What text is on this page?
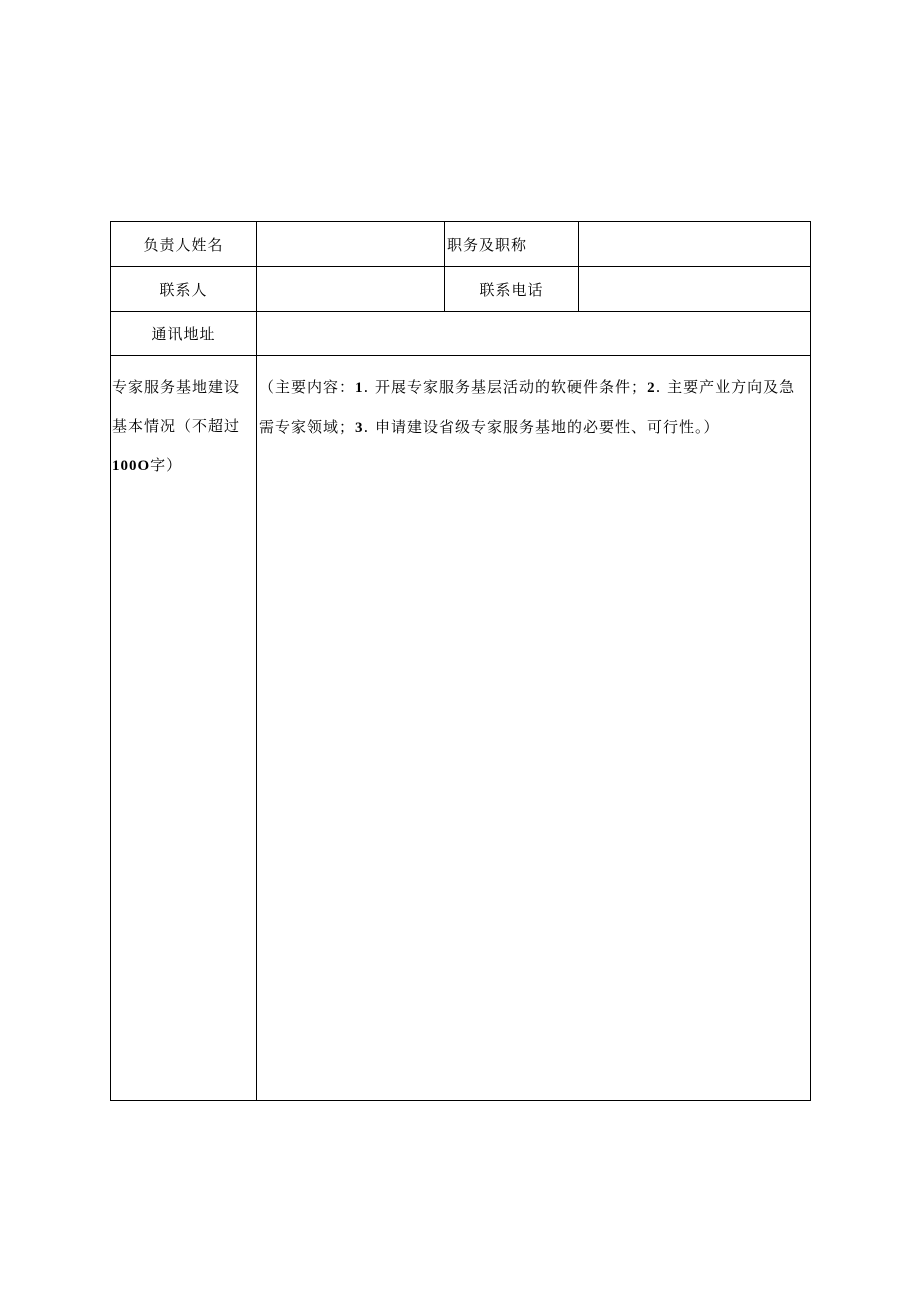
负责人姓名		职务及职称	
联系人		联系电话	
通讯地址			
专家服务基地建设基本情况（不超过
100O字）	（主要内容：1. 开展专家服务基层活动的软硬件条件；2. 主要产业方向及急需专家领域；3. 申请建设省级专家服务基地的必要性、可行性。）		
